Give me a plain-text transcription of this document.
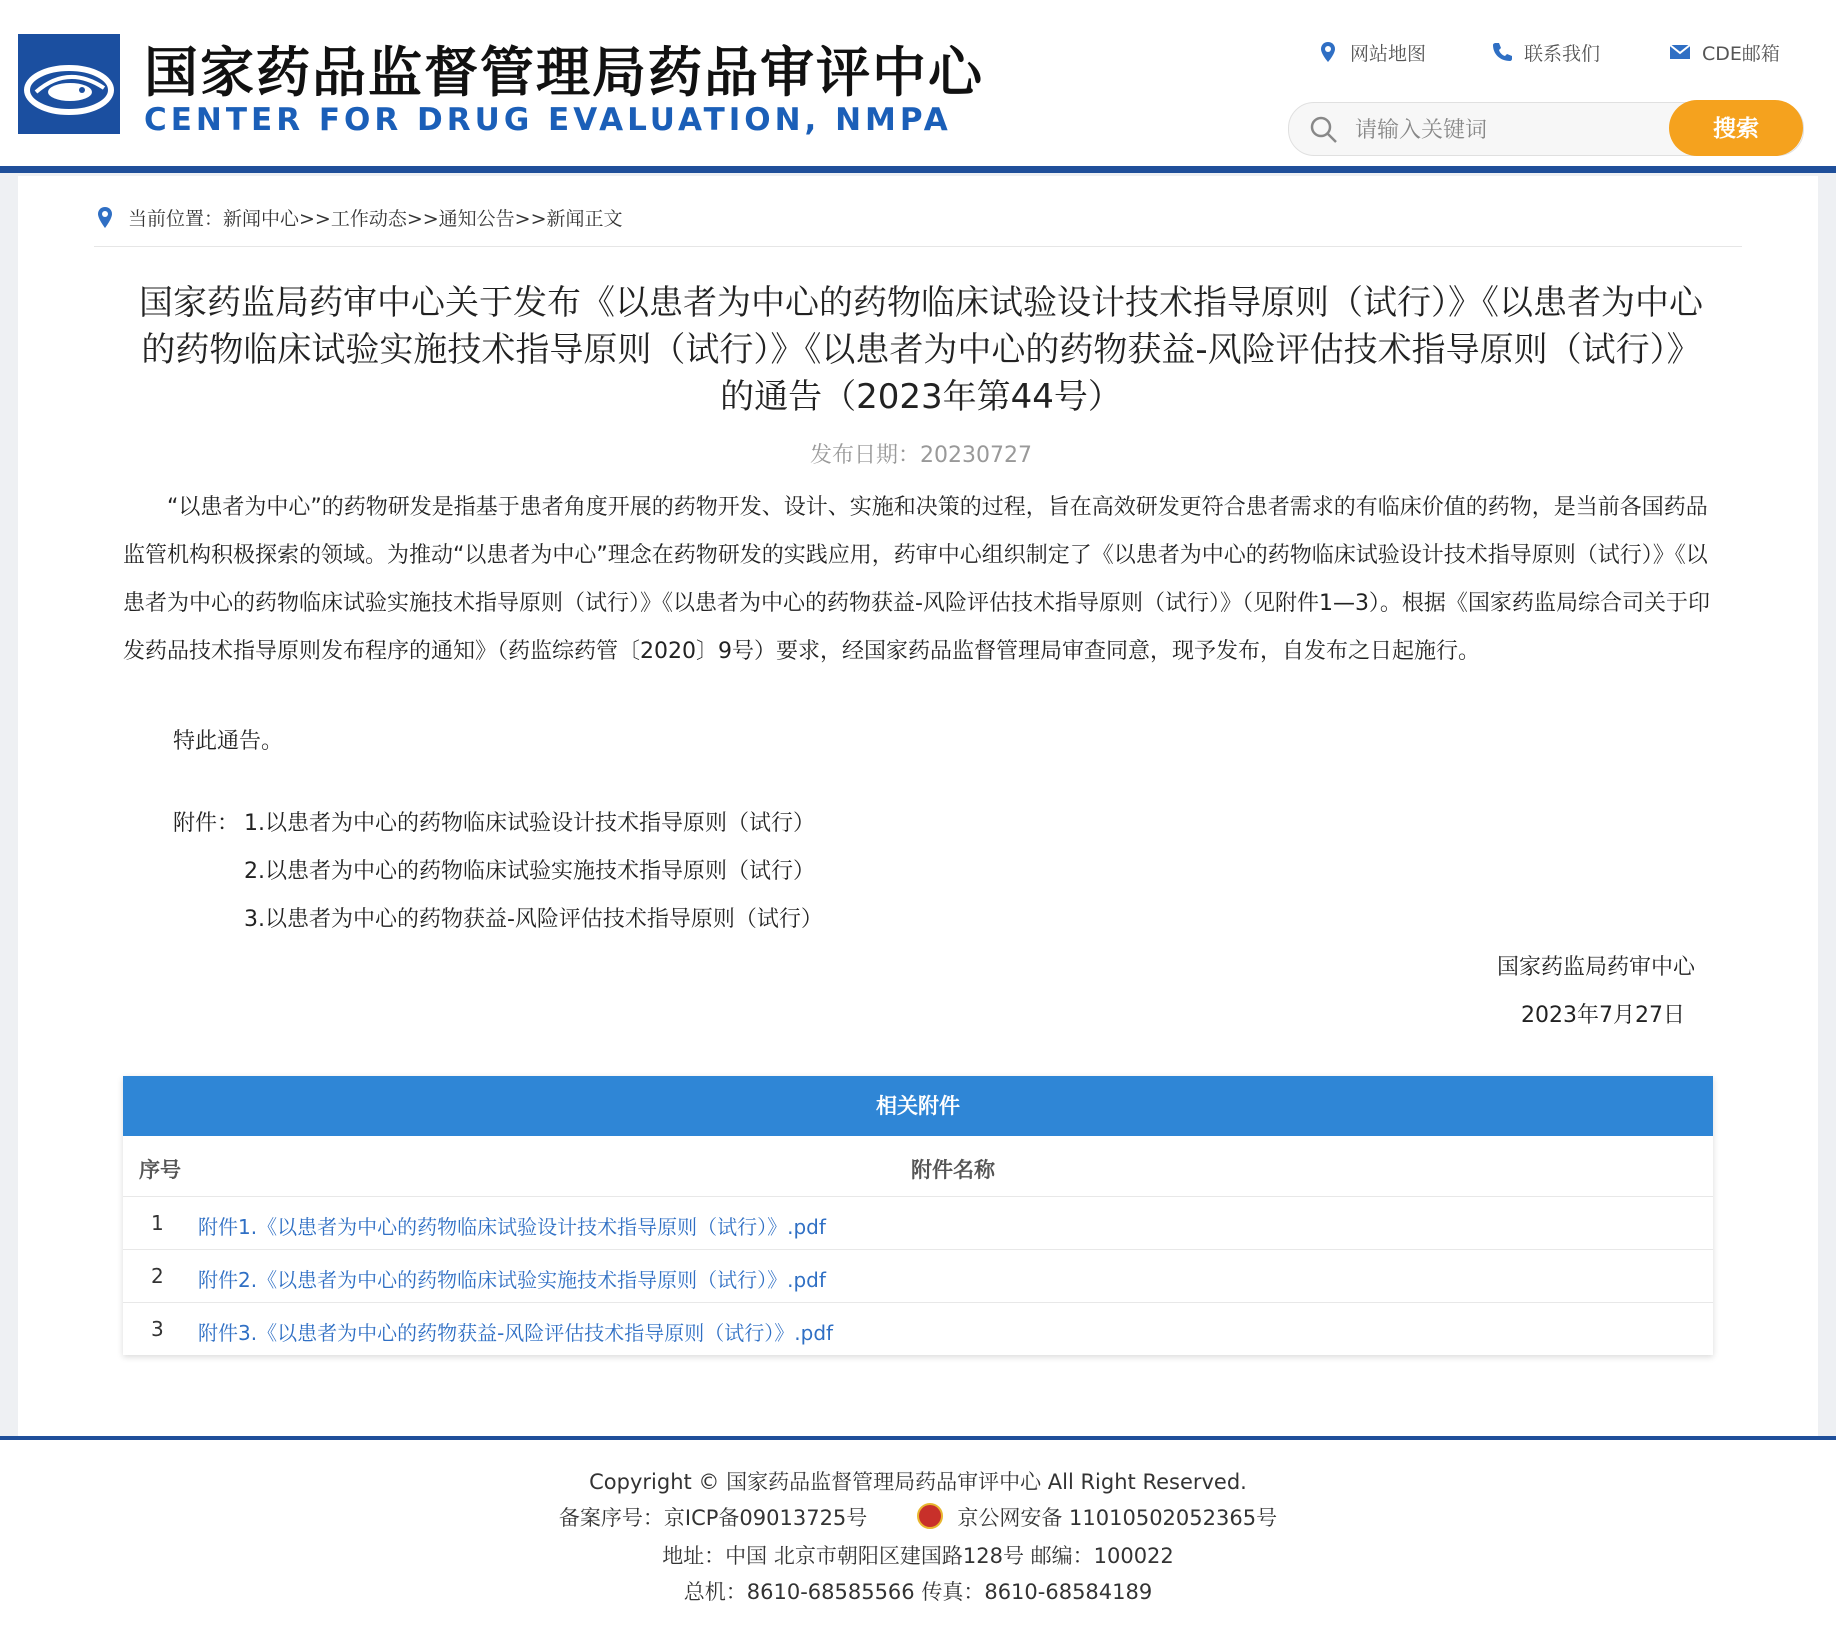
国家药品监督管理局药品审评中心
CENTER FOR DRUG EVALUATION, NMPA
网站地图	联系我们	CDE邮箱
请输入关键词
搜索
当前位置：新闻中心>>工作动态>>通知公告>>新闻正文
国家药监局药审中心关于发布《以患者为中心的药物临床试验设计技术指导原则（试行）》《以患者为中心的药物临床试验实施技术指导原则（试行）》《以患者为中心的药物获益-风险评估技术指导原则（试行）》的通告（2023年第44号）
发布日期：20230727
“以患者为中心”的药物研发是指基于患者角度开展的药物开发、设计、实施和决策的过程，旨在高效研发更符合患者需求的有临床价值的药物，是当前各国药品监管机构积极探索的领域。为推动“以患者为中心”理念在药物研发的实践应用，药审中心组织制定了《以患者为中心的药物临床试验设计技术指导原则（试行）》《以患者为中心的药物临床试验实施技术指导原则（试行）》《以患者为中心的药物获益-风险评估技术指导原则（试行）》（见附件1—3）。根据《国家药监局综合司关于印发药品技术指导原则发布程序的通知》（药监综药管〔2020〕9号）要求，经国家药品监督管理局审查同意，现予发布，自发布之日起施行。
特此通告。
附件： 1.以患者为中心的药物临床试验设计技术指导原则（试行）
2.以患者为中心的药物临床试验实施技术指导原则（试行）
3.以患者为中心的药物获益-风险评估技术指导原则（试行）
国家药监局药审中心
2023年7月27日
相关附件
序号	附件名称
1 附件1.《以患者为中心的药物临床试验设计技术指导原则（试行）》.pdf
2 附件2.《以患者为中心的药物临床试验实施技术指导原则（试行）》.pdf
3 附件3.《以患者为中心的药物获益-风险评估技术指导原则（试行）》.pdf
Copyright © 国家药品监督管理局药品审评中心 All Right Reserved.
备案序号：京ICP备09013725号	京公网安备 11010502052365号
地址：中国 北京市朝阳区建国路128号 邮编：100022
总机：8610-68585566 传真：8610-68584189
